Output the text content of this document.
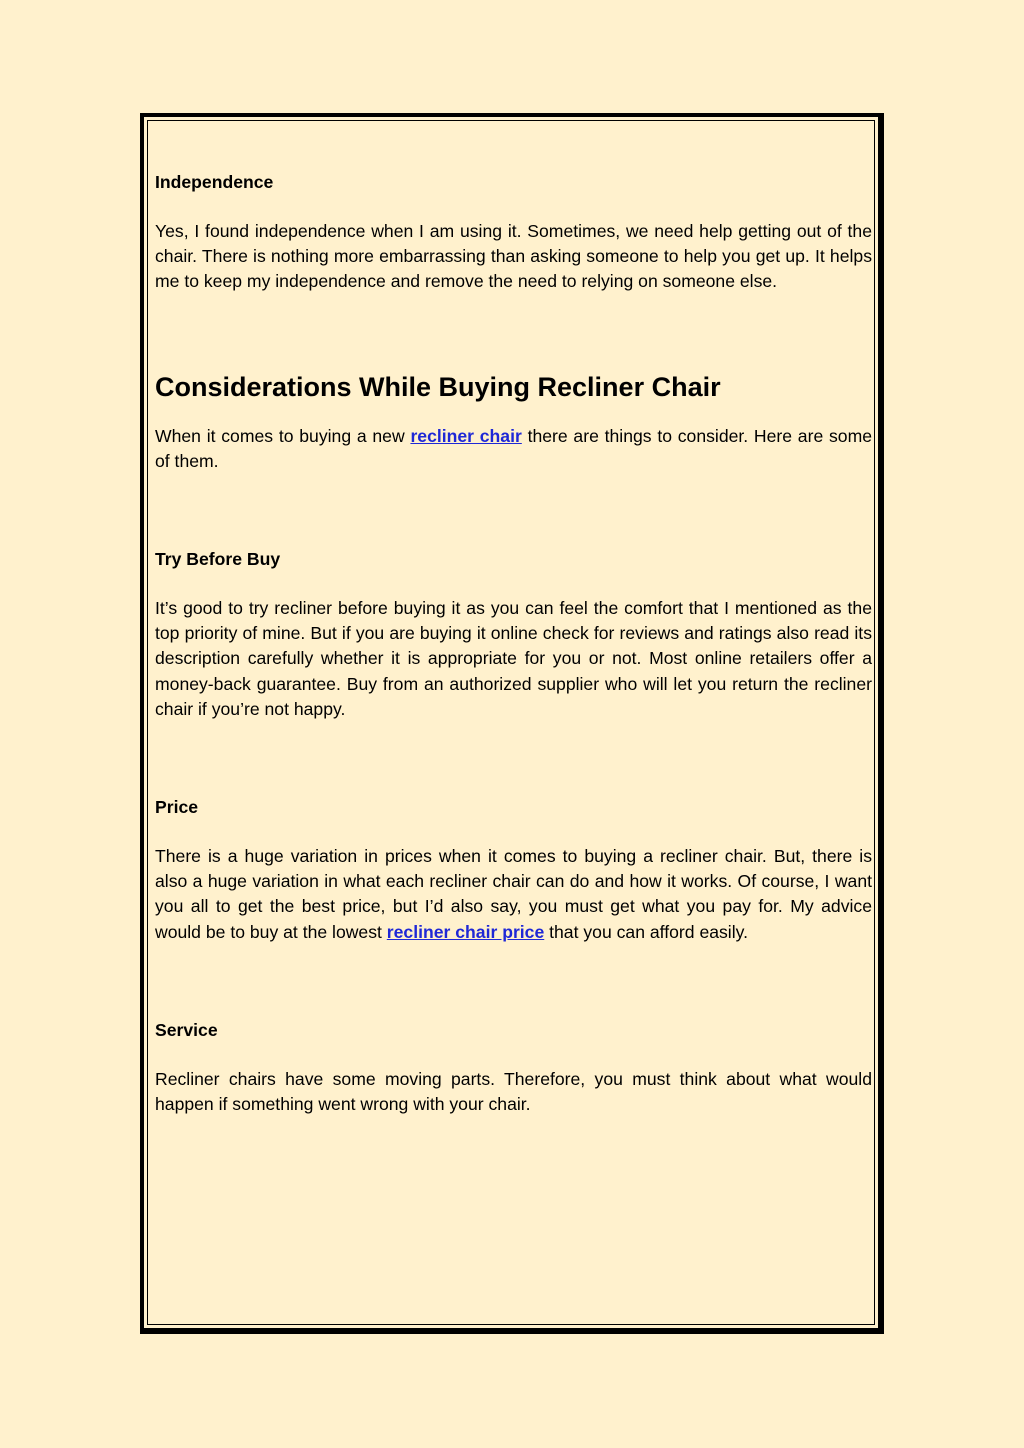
Independence

Yes, I found independence when I am using it. Sometimes, we need help getting out of the chair. There is nothing more embarrassing than asking someone to help you get up. It helps me to keep my independence and remove the need to relying on someone else.

Considerations While Buying Recliner Chair

When it comes to buying a new recliner chair there are things to consider. Here are some of them.

Try Before Buy

It’s good to try recliner before buying it as you can feel the comfort that I mentioned as the top priority of mine. But if you are buying it online check for reviews and ratings also read its description carefully whether it is appropriate for you or not. Most online retailers offer a money-back guarantee. Buy from an authorized supplier who will let you return the recliner chair if you’re not happy.

Price

There is a huge variation in prices when it comes to buying a recliner chair. But, there is also a huge variation in what each recliner chair can do and how it works. Of course, I want you all to get the best price, but I’d also say, you must get what you pay for. My advice would be to buy at the lowest recliner chair price that you can afford easily.

Service

Recliner chairs have some moving parts. Therefore, you must think about what would happen if something went wrong with your chair.
